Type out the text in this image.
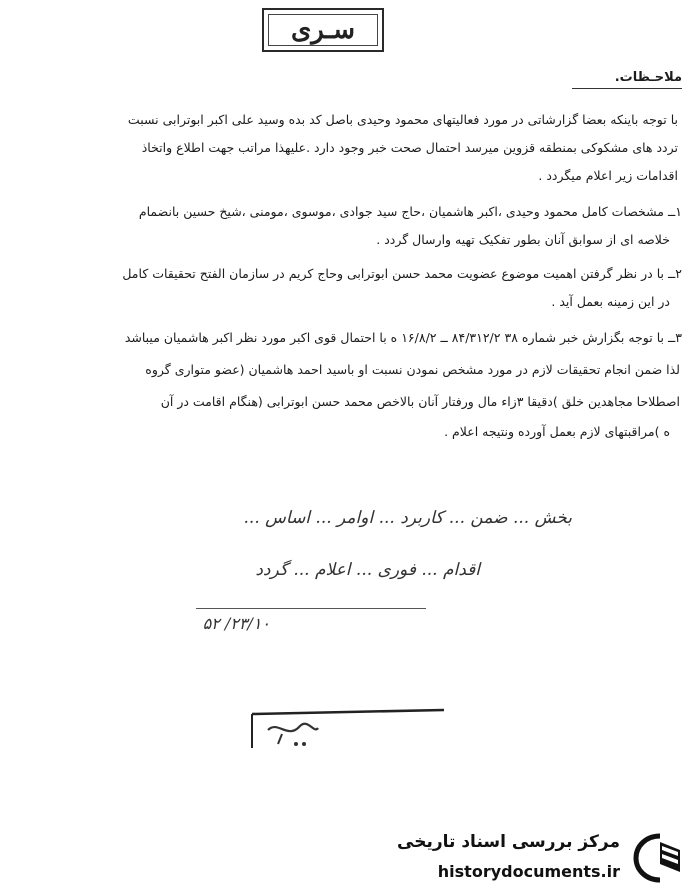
سـری
ملاحـظات.
با توجه باینکه بعضا گزارشاتی در مورد فعالیتهای محمود وحیدی باصل کد بده وسید علی اکبر ابوترابی نسبت
تردد های مشکوکی بمنطقه قزوین میرسد احتمال صحت خبر وجود دارد .علیهذا مراتب جهت اطلاع واتخاذ
اقدامات زیر اعلام میگردد .
۱ــ مشخصات کامل محمود وحیدی ،اکبر هاشمیان ،حاج سید جوادی ،موسوی ،مومنی ،شیخ حسین بانضمام
خلاصه ای از سوابق آنان بطور تفکیک تهیه وارسال گردد .
۲ــ با در نظر گرفتن اهمیت موضوع عضویت محمد حسن ابوترابی وحاج کریم در سازمان الفتح تحقیقات کامل
در این زمینه بعمل آید .
۳ــ با توجه بگزارش خبر شماره ۳۸ ۸۴/۳۱۲/۲ ــ ۱۶/۸/۲ ه با احتمال قوی اکبر مورد نظر اکبر هاشمیان میباشد
لذا ضمن انجام تحقیقات لازم در مورد مشخص نمودن نسبت او باسید احمد هاشمیان (عضو متواری گروه
اصطلاحا مجاهدین خلق )دقیقا ٣زاء مال ورفتار آنان بالاخص محمد حسن ابوترابی (هنگام اقامت در آن
ه )مراقبتهای لازم بعمل آورده ونتیجه اعلام .
بخش ... ضمن ... کاربرد ... اوامر ... اساس ...
اقدام ... فوری ... اعلام ... گردد
۲۳/۱۰/ ۵۲
مرکز بررسی اسناد تاریخی
historydocuments.ir
